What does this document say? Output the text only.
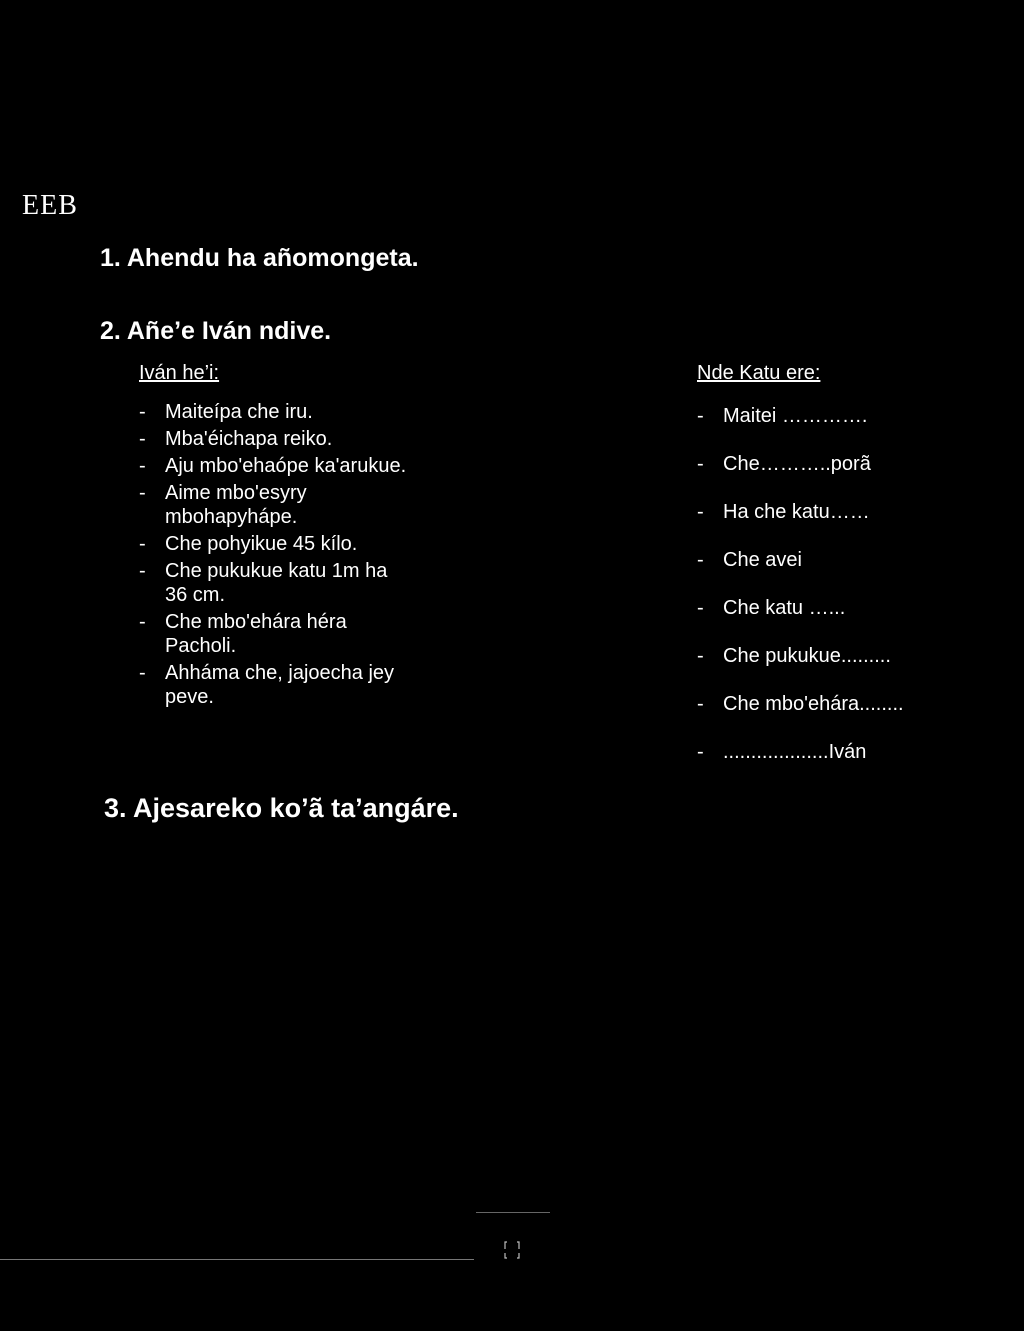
EEB
1. Ahendu ha añomongeta.
2. Añe’e Iván ndive.
Iván he’i:
- Maiteípa che iru.
- Mba'éichapa reiko.
- Aju mbo'ehaópe ka'arukue.
- Aime mbo'esyry mbohapyhápe.
- Che pohyikue 45 kílo.
- Che pukukue katu 1m ha 36 cm.
- Che mbo'ehára héra Pacholi.
- Ahháma che, jajoecha jey peve.
Nde Katu ere:
- Maitei ………….
- Che………..porã
- Ha che katu……
- Che avei
- Che katu …...
- Che pukukue.........
- Che mbo'ehára........
- ...................Iván
3. Ajesareko ko’ã ta’angáre.
